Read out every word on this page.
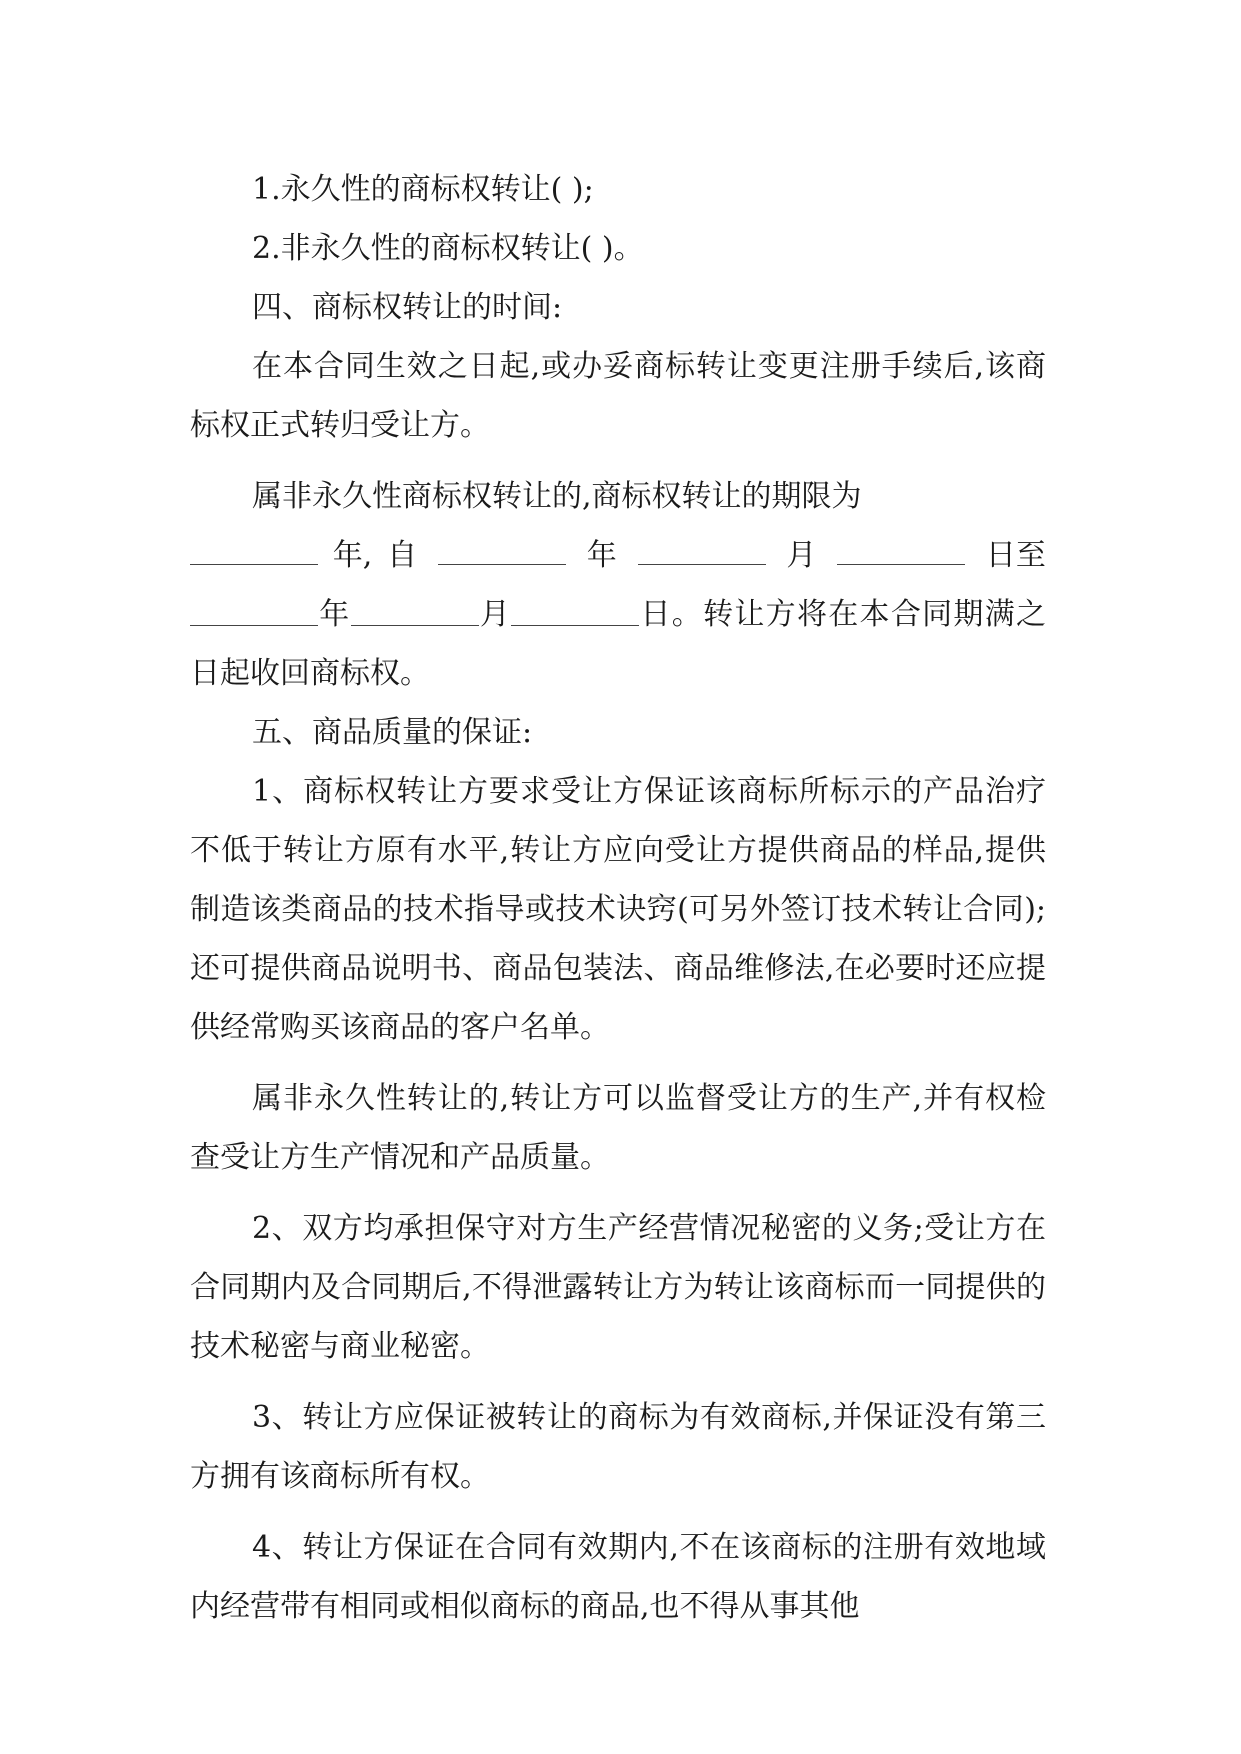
1.永久性的商标权转让( );

2.非永久性的商标权转让( )。

四、商标权转让的时间:

在本合同生效之日起,或办妥商标转让变更注册手续后,该商标权正式转归受让方。

属非永久性商标权转让的,商标权转让的期限为

年, 自	年	月	日至

年	月	日。转让方将在本合同期满之日起收回商标权。

五、商品质量的保证:

1、商标权转让方要求受让方保证该商标所标示的产品治疗不低于转让方原有水平,转让方应向受让方提供商品的样品,提供制造该类商品的技术指导或技术诀窍(可另外签订技术转让合同);还可提供商品说明书、商品包装法、商品维修法,在必要时还应提供经常购买该商品的客户名单。

属非永久性转让的,转让方可以监督受让方的生产,并有权检查受让方生产情况和产品质量。

2、双方均承担保守对方生产经营情况秘密的义务;受让方在合同期内及合同期后,不得泄露转让方为转让该商标而一同提供的技术秘密与商业秘密。

3、转让方应保证被转让的商标为有效商标,并保证没有第三方拥有该商标所有权。

4、转让方保证在合同有效期内,不在该商标的注册有效地域内经营带有相同或相似商标的商品,也不得从事其他
